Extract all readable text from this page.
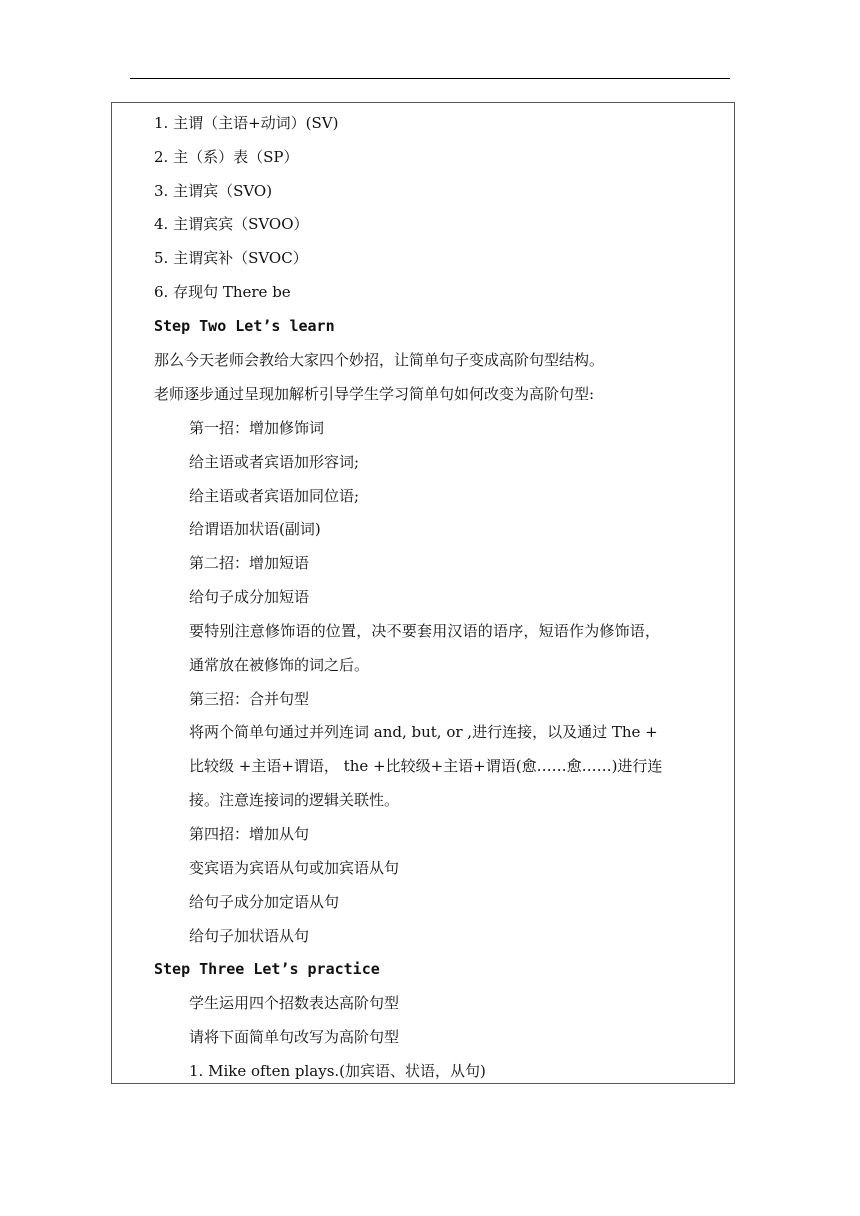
1. 主谓（主语+动词）(SV)
2. 主（系）表（SP）
3. 主谓宾（SVO)
4. 主谓宾宾（SVOO）
5. 主谓宾补（SVOC）
6. 存现句 There be
Step Two Let’s learn
那么今天老师会教给大家四个妙招，让简单句子变成高阶句型结构。
老师逐步通过呈现加解析引导学生学习简单句如何改变为高阶句型:
第一招：增加修饰词
给主语或者宾语加形容词;
给主语或者宾语加同位语;
给谓语加状语(副词)
第二招：增加短语
给句子成分加短语
要特别注意修饰语的位置，决不要套用汉语的语序，短语作为修饰语，
通常放在被修饰的词之后。
第三招：合并句型
将两个简单句通过并列连词 and, but, or ,进行连接，以及通过 The +
比较级 +主语+谓语， the +比较级+主语+谓语(愈……愈……)进行连
接。注意连接词的逻辑关联性。
第四招：增加从句
变宾语为宾语从句或加宾语从句
给句子成分加定语从句
给句子加状语从句
Step Three Let’s practice
学生运用四个招数表达高阶句型
请将下面简单句改写为高阶句型
1. Mike often plays.(加宾语、状语，从句)
